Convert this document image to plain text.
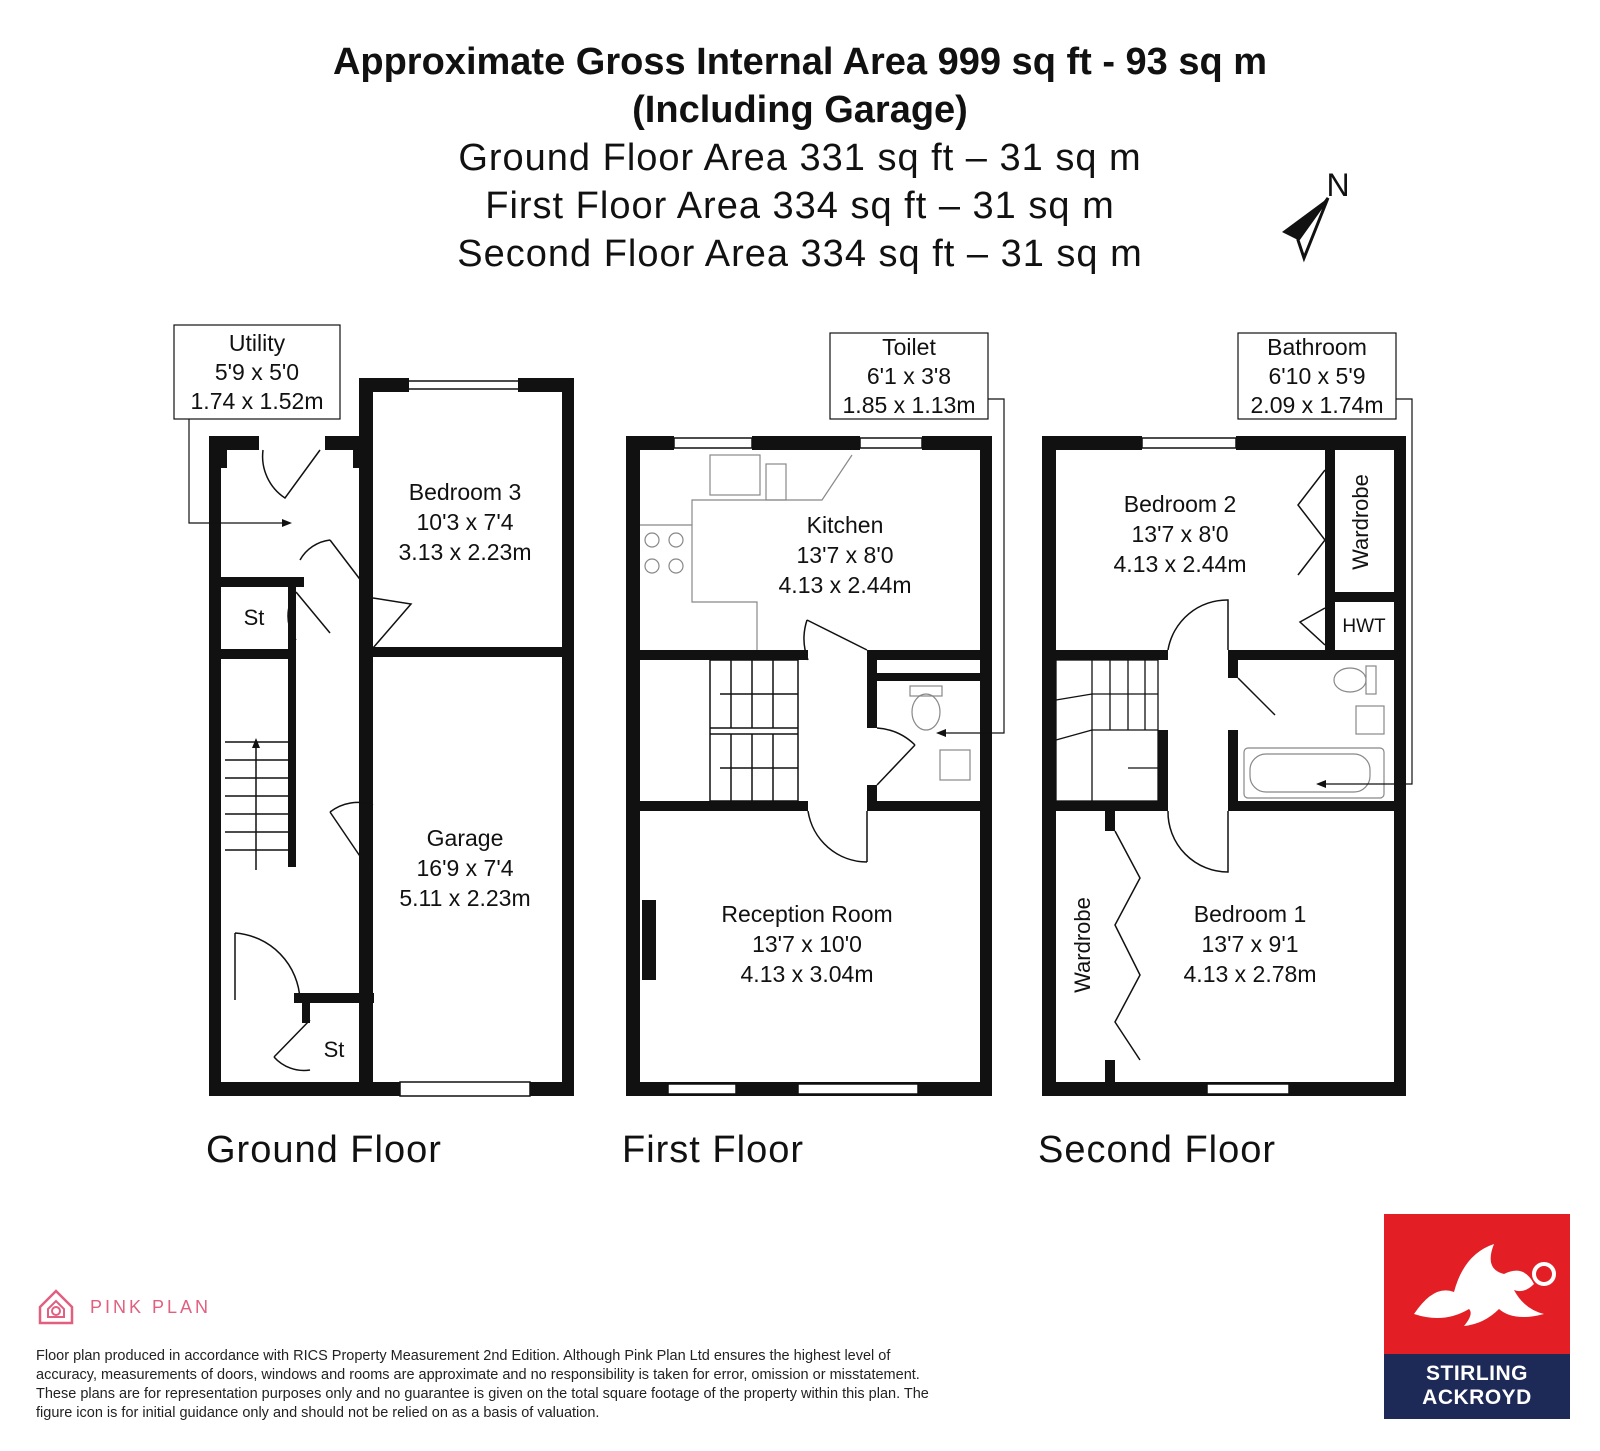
Approximate Gross Internal Area 999 sq ft - 93 sq m
(Including Garage)
Ground Floor Area 331 sq ft – 31 sq m
First Floor Area 334 sq ft – 31 sq m
Second Floor Area 334 sq ft – 31 sq m
N
Utility
5'9 x 5'0
1.74 x 1.52m
Bedroom 3
10'3 x 7'4
3.13 x 2.23m
Garage
16'9 x 7'4
5.11 x 2.23m
St
St
Ground Floor
Toilet
6'1 x 3'8
1.85 x 1.13m
Kitchen
13'7 x 8'0
4.13 x 2.44m
Reception Room
13'7 x 10'0
4.13 x 3.04m
First Floor
Bathroom
6'10 x 5'9
2.09 x 1.74m
Bedroom 2
13'7 x 8'0
4.13 x 2.44m
Bedroom 1
13'7 x 9'1
4.13 x 2.78m
Wardrobe
Wardrobe
HWT
Second Floor
PINK PLAN
Floor plan produced in accordance with RICS Property Measurement 2nd Edition. Although Pink Plan Ltd ensures the highest level of accuracy, measurements of doors, windows and rooms are approximate and no responsibility is taken for error, omission or misstatement. These plans are for representation purposes only and no guarantee is given on the total square footage of the property within this plan. The figure icon is for initial guidance only and should not be relied on as a basis of valuation.
STIRLING
ACKROYD
